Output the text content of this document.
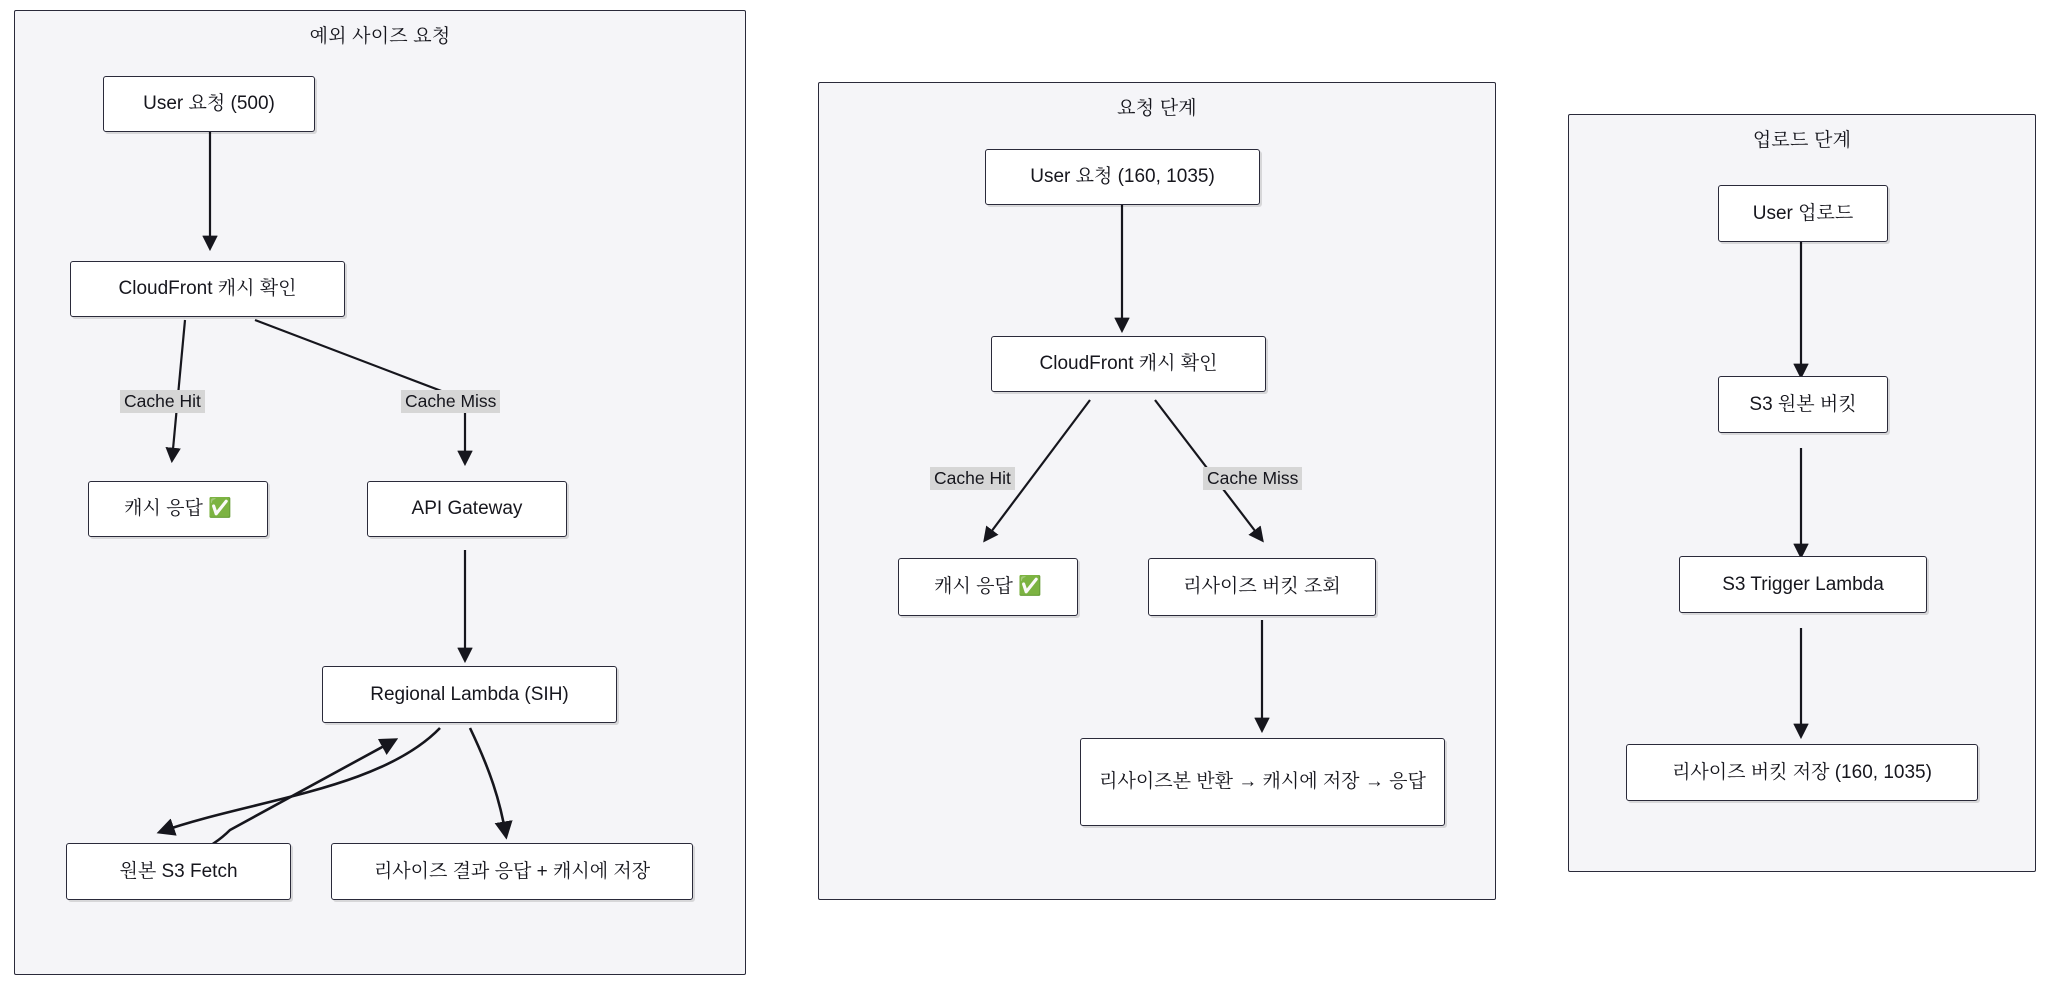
예외 사이즈 요청
요청 단계
업로드 단계
User 요청 (500)
CloudFront 캐시 확인
캐시 응답 ✅	API Gateway
Regional Lambda (SIH)
원본 S3 Fetch	리사이즈 결과 응답 + 캐시에 저장
Cache Hit	Cache Miss
User 요청 (160, 1035)
CloudFront 캐시 확인
캐시 응답 ✅	리사이즈 버킷 조회
리사이즈본 반환 → 캐시에 저장 → 응답
Cache Hit	Cache Miss
User 업로드
S3 원본 버킷
S3 Trigger Lambda
리사이즈 버킷 저장 (160, 1035)
